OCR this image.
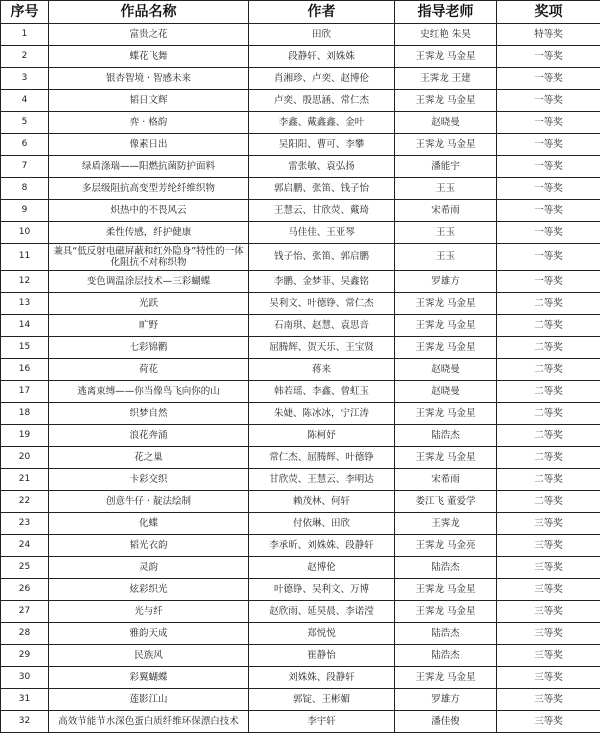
序号	作品名称	作者	指导老师	奖项
1	富贵之花	田欣	史红艳 朱昊	特等奖
2	蝶花飞舞	段静轩、刘姝姝	王霁龙 马金星	一等奖
3	银杏智境 · 智感未来	肖湘珍、卢奕、赵博伦	王霁龙 王建	一等奖
4	韬日文辉	卢奕、殷思涵、常仁杰	王霁龙 马金星	一等奖
5	弈 · 格韵	李鑫、戴鑫鑫、金叶	赵晓曼	一等奖
6	像素日出	吴阳阳、曹可、李攀	王霁龙 马金星	一等奖
7	绿盾涤瑞——阳燃抗菌防护面料	雷张敏、袁弘扬	潘能宇	一等奖
8	多层级阻抗高变型芳纶纤维织物	郭启鹏、张笛、钱子怡	王玉	一等奖
9	炽热中的不畏风云	王慧云、甘欣荧、戴琦	宋希雨	一等奖
10	柔性传感，纤护健康	马佳佳、王亚琴	王玉	一等奖
11	兼具“低反射电磁屏蔽和红外隐身”特性的一体化阻抗不对称织物	钱子怡、张笛、郭启鹏	王玉	一等奖
12	变色调温涂层技术—三彩蝴蝶	李鹏、金梦菲、吴鑫铭	罗雄方	一等奖
13	光跃	吴利文、叶德铮、常仁杰	王霁龙 马金星	二等奖
14	旷野	石南琪、赵慧、袁思音	王霁龙 马金星	二等奖
15	七彩锦鹳	屈腾辉、贺天乐、王宝贤	王霁龙 马金星	二等奖
16	荷花	蒋来	赵晓曼	二等奖
17	逃离束缚——你当像鸟飞向你的山	韩若瑶、李鑫、曾虹玉	赵晓曼	二等奖
18	织梦自然	朱婕、陈冰冰，宁江涛	王霁龙 马金星	二等奖
19	浪花奔涌	陈柯妤	陆浩杰	二等奖
20	花之巢	常仁杰、屈腾辉、叶德铮	王霁龙 马金星	二等奖
21	卡彩交织	甘欣荧、王慧云、李明达	宋希雨	二等奖
22	创意牛仔 · 靛法绘制	赖茂林、何轩	娄江飞 董爱学	二等奖
23	化蝶	付依琳、田欣	王霁龙	三等奖
24	韬光衣韵	李承昕、刘姝姝、段静轩	王霁龙 马金亮	三等奖
25	灵韵	赵博伦	陆浩杰	三等奖
26	炫彩织光	叶德铮、吴利文、万博	王霁龙 马金星	三等奖
27	光与纤	赵欣雨、延昊晨、李诺滢	王霁龙 马金星	三等奖
28	雅韵天成	郑悦悦	陆浩杰	三等奖
29	民族风	崔静怡	陆浩杰	三等奖
30	彩翼蝴蝶	刘姝姝、段静轩	王霁龙 马金星	三等奖
31	莲影江山	郭锭、王彬媚	罗雄方	三等奖
32	高效节能节水深色蛋白质纤维环保漂白技术	李宇轩	潘佳俊	三等奖
